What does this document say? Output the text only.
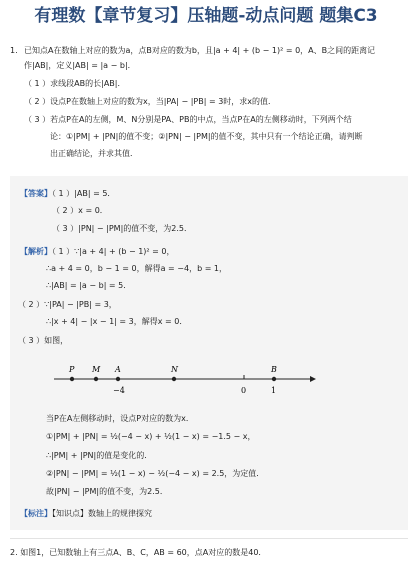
有理数【章节复习】压轴题-动点问题 题集C3
1. 已知点A在数轴上对应的数为a，点B对应的数为b，且|a + 4| + (b − 1)² = 0，A、B之间的距离记
作|AB|，定义|AB| = |a − b|．
（ 1 ）求线段AB的长|AB|．
（ 2 ）设点P在数轴上对应的数为x，当|PA| − |PB| = 3时，求x的值．
（ 3 ）若点P在A的左侧，M、N分别是PA、PB的中点，当点P在A的左侧移动时，下列两个结
论：①|PM| + |PN|的值不变；②|PN| − |PM|的值不变，其中只有一个结论正确，请判断
出正确结论，并求其值．
【答案】（ 1 ）|AB| = 5．
（ 2 ）x = 0．
（ 3 ）|PN| − |PM|的值不变，为2.5．
【解析】（ 1 ）∵|a + 4| + (b − 1)² = 0，
∴a + 4 = 0，b − 1 = 0，解得a = −4，b = 1，
∴|AB| = |a − b| = 5．
（ 2 ）∵|PA| − |PB| = 3，
∴|x + 4| − |x − 1| = 3，解得x = 0．
（ 3 ）如图，
P M A	N	B
−4	0	1
当P在A左侧移动时，设点P对应的数为x．
①|PM| + |PN| = ½(−4 − x) + ½(1 − x) = −1.5 − x，
∴|PM| + |PN|的值是变化的．
②|PN| − |PM| = ½(1 − x) − ½(−4 − x) = 2.5，为定值．
故|PN| − |PM|的值不变，为2.5．
【标注】【知识点】数轴上的规律探究
2. 如图1，已知数轴上有三点A、B、C，AB = 60，点A对应的数是40．
